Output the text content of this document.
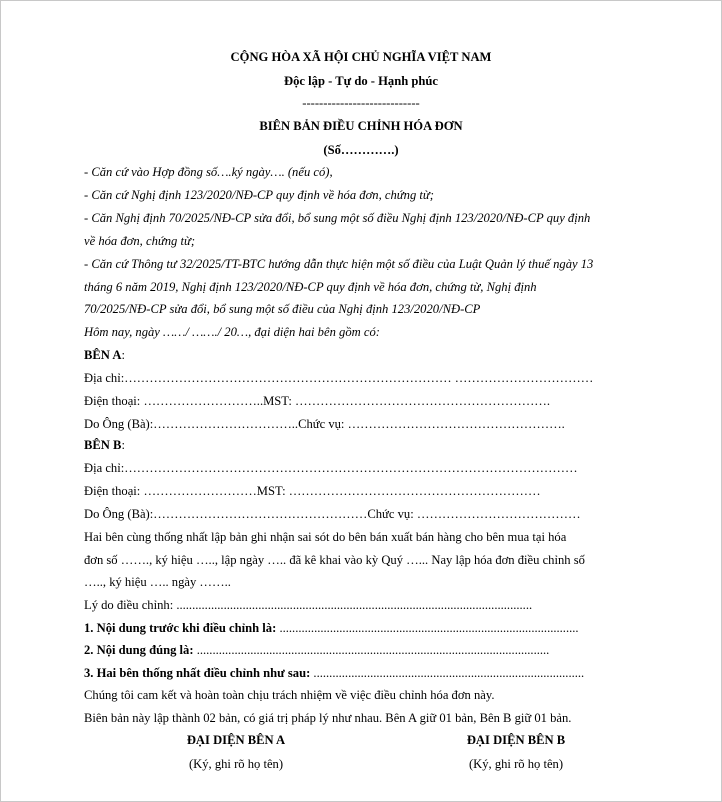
CỘNG HÒA XÃ HỘI CHỦ NGHĨA VIỆT NAM
Độc lập - Tự do - Hạnh phúc
----------------------------
BIÊN BẢN ĐIỀU CHỈNH HÓA ĐƠN
(Số………….)
- Căn cứ vào Hợp đồng số….ký ngày…. (nếu có),
- Căn cứ Nghị định 123/2020/NĐ-CP quy định về hóa đơn, chứng từ;
- Căn Nghị định 70/2025/NĐ-CP sửa đổi, bổ sung một số điều Nghị định 123/2020/NĐ-CP quy định
về hóa đơn, chứng từ;
- Căn cứ Thông tư 32/2025/TT-BTC hướng dẫn thực hiện một số điều của Luật Quản lý thuế ngày 13
tháng 6 năm 2019, Nghị định 123/2020/NĐ-CP quy định về hóa đơn, chứng từ, Nghị định
70/2025/NĐ-CP sửa đổi, bổ sung một số điều của Nghị định 123/2020/NĐ-CP
Hôm nay, ngày ……/ ……./ 20…, đại diện hai bên gồm có:
BÊN A:
Địa chỉ:…………………………………………………………………… ……………………………
Điện thoại: ………………………..MST: …………………………………………………….
Do Ông (Bà):……………………………..Chức vụ: …………………………………………….
BÊN B:
Địa chỉ:………………………………………………………………………………………………
Điện thoại: ………………………MST: ……………………………………………………
Do Ông (Bà):……………………………………………Chức vụ: …………………………………
Hai bên cùng thống nhất lập bản ghi nhận sai sót do bên bán xuất bán hàng cho bên mua tại hóa
đơn số ……., ký hiệu ….., lập ngày ….. đã kê khai vào kỳ Quý …... Nay lập hóa đơn điều chỉnh số
….., ký hiệu ….. ngày ……..
Lý do điều chỉnh: .................................................................................................................
1. Nội dung trước khi điều chỉnh là: ...............................................................................................
2. Nội dung đúng là: ................................................................................................................
3. Hai bên thống nhất điều chỉnh như sau: ......................................................................................
Chúng tôi cam kết và hoàn toàn chịu trách nhiệm về việc điều chỉnh hóa đơn này.
Biên bản này lập thành 02 bản, có giá trị pháp lý như nhau. Bên A giữ 01 bản, Bên B giữ 01 bản.
ĐẠI DIỆN BÊN A
(Ký, ghi rõ họ tên)
ĐẠI DIỆN BÊN B
(Ký, ghi rõ họ tên)
